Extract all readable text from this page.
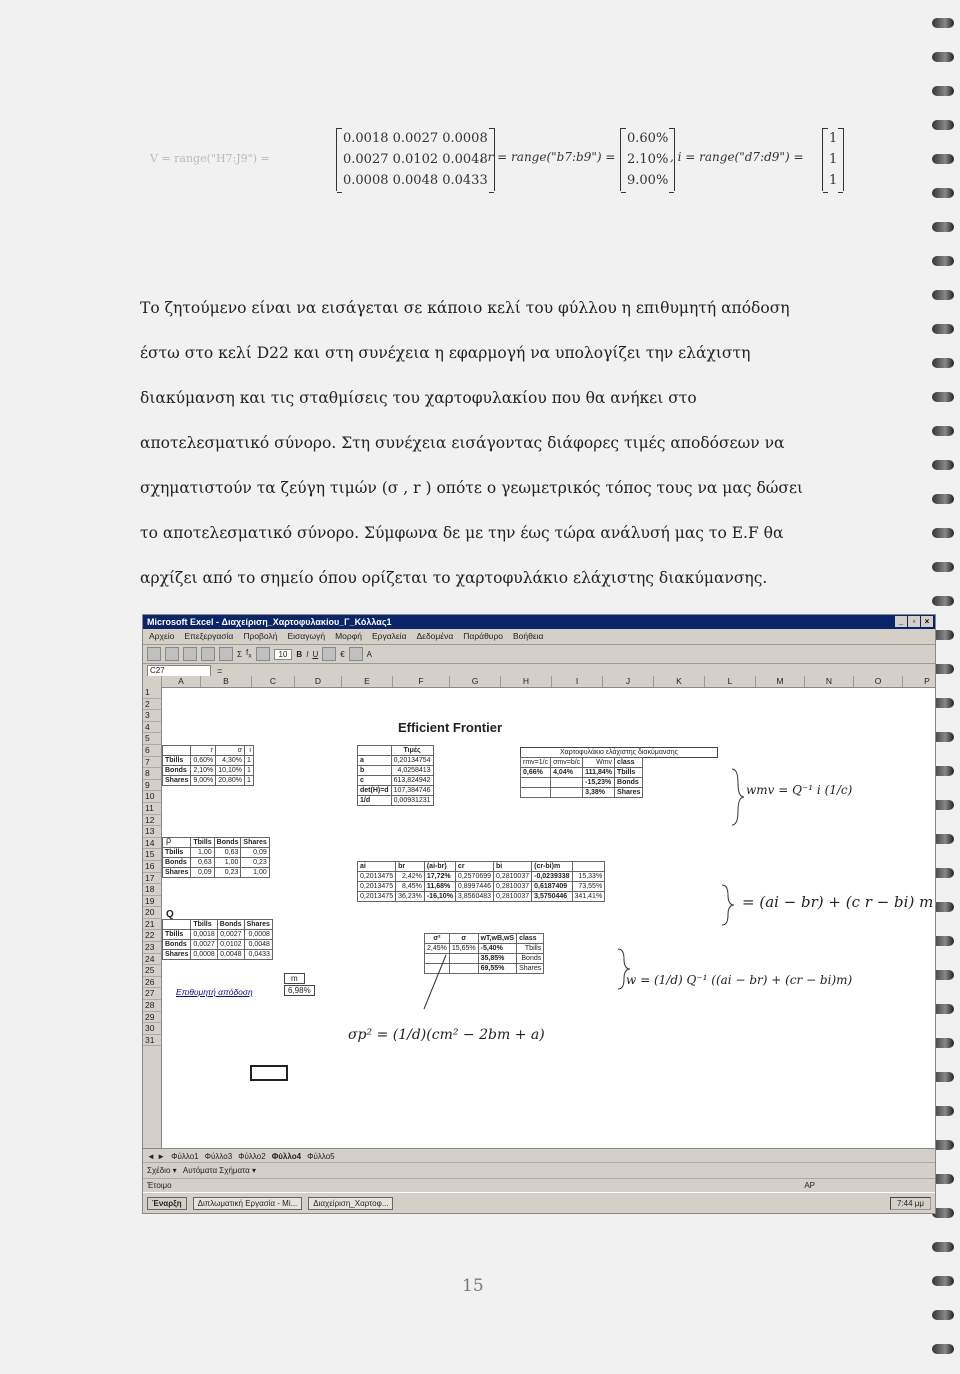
V = range("H7:J9") =
0.0018 0.0027 0.0008
0.0027 0.0102 0.0048
0.0008 0.0048 0.0433
, r = range("b7:b9") =
0.60%
2.10%
9.00%
, i = range("d7:d9") =
1
1
1

Το ζητούμενο είναι να εισάγεται σε κάποιο κελί του φύλλου η επιθυμητή απόδοση

έστω στο κελί D22 και στη συνέχεια η εφαρμογή να υπολογίζει την ελάχιστη

διακύμανση και τις σταθμίσεις του χαρτοφυλακίου που θα ανήκει στο

αποτελεσματικό σύνορο. Στη συνέχεια εισάγοντας διάφορες τιμές αποδόσεων να

σχηματιστούν τα ζεύγη τιμών (σ , r ) οπότε ο γεωμετρικός τόπος τους να μας δώσει

το αποτελεσματικό σύνορο. Σύμφωνα δε με την έως τώρα ανάλυσή μας το E.F θα

αρχίζει από το σημείο όπου ορίζεται το χαρτοφυλάκιο ελάχιστης διακύμανσης.

Microsoft Excel - Διαχείριση_Χαρτοφυλακίου_Γ_Κόλλας1	_	▫	×
Αρχείο Επεξεργασία Προβολή Εισαγωγή Μορφή Εργαλεία Δεδομένα Παράθυρο Βοήθεια
Σ $f_x$	10	B I U	€	A
C27	=
A	B	C	D	E	F	G	H	I	J	K	L	M	N	O	P
1
2
3
4
5
6
7
8
9
10
11
12
13
14
15
16
17
18
19
20
21
22
23
24
25
26
27
28
29
30
31
Efficient Frontier
	r	σ	i
Tbills	0,60%	4,30%	1
Bonds	2,10%	10,10%	1
Shares	9,00%	20,80%	1
ρ
		Tbills	Bonds	Shares
Tbills	1,00	0,63	0,09
Bonds	0,63	1,00	0,23
Shares	0,09	0,23	1,00
Q
	Tbills	Bonds	Shares
Tbills	0,0018	0,0027	0,0008
Bonds	0,0027	0,0102	0,0048
Shares	0,0008	0,0048	0,0433
m
Επιθυμητή απόδοση	6,98%
	Τιμές
a	0,20134754
b	4,0258413
c	613,824942
det(H)=d	107,384746
1/d	0,00931231
Χαρτοφυλάκιο ελάχιστης διακύμανσης
rmv=1/c	σmv=b/c	Wmv	class
0,66%	4,04%	111,84%	Tbills
		-15,23%	Bonds
		3,38%	Shares
ai	br	(ai-br)	cr	bi	(cr-bi)m	
0,2013475	2,42%	17,72%	0,2570699	0,2810037	-0,0239338	15,33%
0,2013475	8,45%	11,68%	0,8997446	0,2810037	0,6187409	73,55%
0,2013475	36,23%	-16,10%	3,8560483	0,2810037	3,5750446	341,41%
σ²	σ	wT,wB,wS	class
2,45%	15,65%	-5,40%	Tbills
		35,85%	Bonds
		69,55%	Shares
wmv = Q⁻¹ i (1/c)
= (ai − br) + (c r − bi) m
w = (1/d) Q⁻¹ ((ai − br) + (cr − bi)m)
σp² = (1/d)(cm² − 2bm + a)
◄ ► Φύλλο1 Φύλλο3 Φύλλο2 Φύλλο4 Φύλλο5
Σχέδιο ▾   Αυτόματα Σχήματα ▾
Έτοιμο	AP
Έναρξη	Διπλωματική Εργασία - Mi...	Διαχείριση_Χαρτοφ...	7:44 μμ
15
